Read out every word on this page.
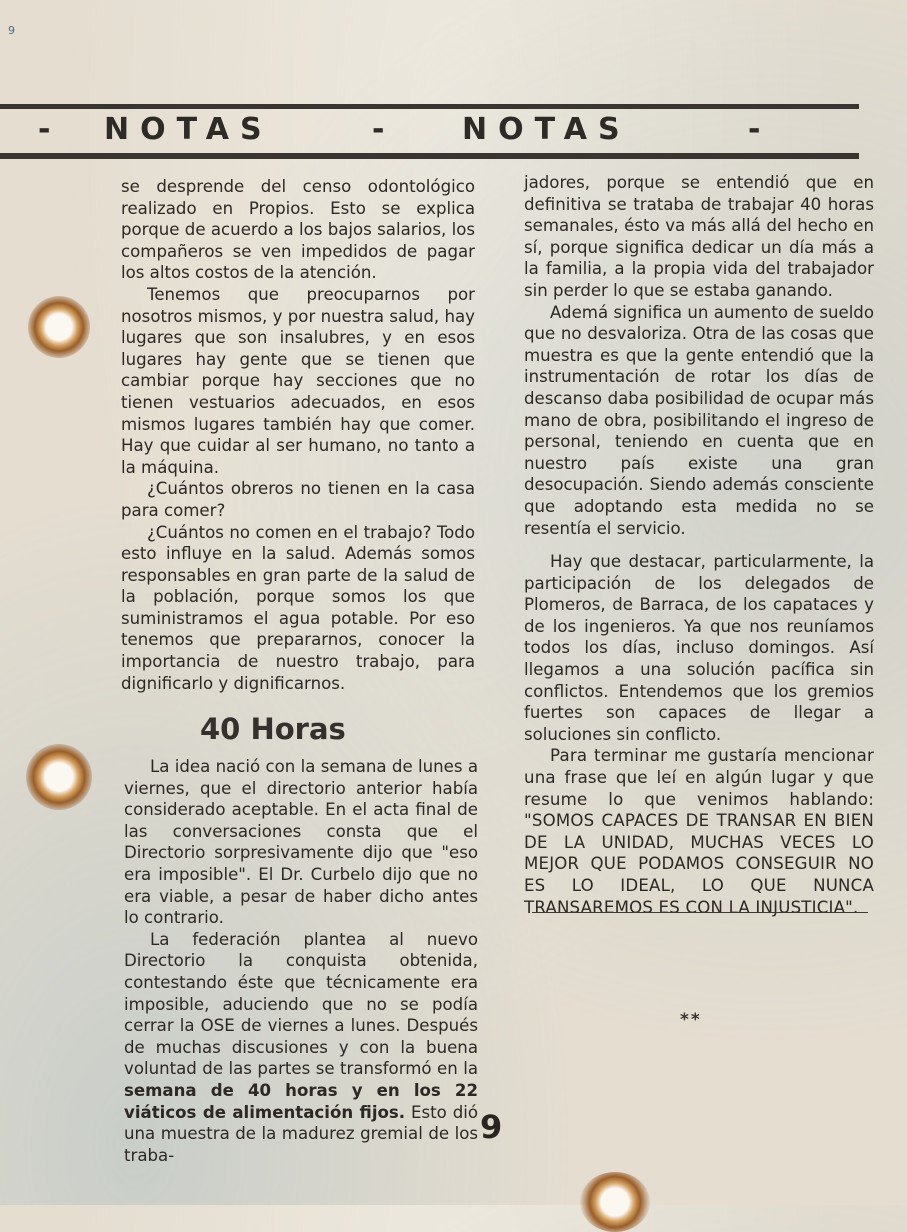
9
- NOTAS	- NOTAS	-

se desprende del censo odontológico realizado en Propios. Esto se explica porque de acuerdo a los bajos salarios, los compañeros se ven impedidos de pagar los altos costos de la atención.

Tenemos que preocuparnos por nosotros mismos, y por nuestra salud, hay lugares que son insalubres, y en esos lugares hay gente que se tienen que cambiar porque hay secciones que no tienen vestuarios adecuados, en esos mismos lugares también hay que comer. Hay que cuidar al ser humano, no tanto a la máquina.

¿Cuántos obreros no tienen en la casa para comer?

¿Cuántos no comen en el trabajo? Todo esto influye en la salud. Además somos responsables en gran parte de la salud de la población, porque somos los que suministramos el agua potable. Por eso tenemos que prepararnos, conocer la importancia de nuestro trabajo, para dignificarlo y dignificarnos.

40 Horas

La idea nació con la semana de lunes a viernes, que el directorio anterior había considerado aceptable. En el acta final de las conversaciones consta que el Directorio sorpresivamente dijo que "eso era imposible". El Dr. Curbelo dijo que no era viable, a pesar de haber dicho antes lo contrario.

La federación plantea al nuevo Directorio la conquista obtenida, contestando éste que técnicamente era imposible, aduciendo que no se podía cerrar la OSE de viernes a lunes. Después de muchas discusiones y con la buena voluntad de las partes se transformó en la semana de 40 horas y en los 22 viáticos de alimentación fijos. Esto dió una muestra de la madurez gremial de los traba-

jadores, porque se entendió que en definitiva se trataba de trabajar 40 horas semanales, ésto va más allá del hecho en sí, porque significa dedicar un día más a la familia, a la propia vida del trabajador sin perder lo que se estaba ganando.

Ademá significa un aumento de sueldo que no desvaloriza. Otra de las cosas que muestra es que la gente entendió que la instrumentación de rotar los días de descanso daba posibilidad de ocupar más mano de obra, posibilitando el ingreso de personal, teniendo en cuenta que en nuestro país existe una gran desocupación. Siendo además consciente que adoptando esta medida no se resentía el servicio.

Hay que destacar, particularmente, la participación de los delegados de Plomeros, de Barraca, de los capataces y de los ingenieros. Ya que nos reuníamos todos los días, incluso domingos. Así llegamos a una solución pacífica sin conflictos. Entendemos que los gremios fuertes son capaces de llegar a soluciones sin conflicto.

Para terminar me gustaría mencionar una frase que leí en algún lugar y que resume lo que venimos hablando: "SOMOS CAPACES DE TRANSAR EN BIEN DE LA UNIDAD, MUCHAS VECES LO MEJOR QUE PODAMOS CONSEGUIR NO ES LO IDEAL, LO QUE NUNCA TRANSAREMOS ES CON LA INJUSTICIA".

**
9
